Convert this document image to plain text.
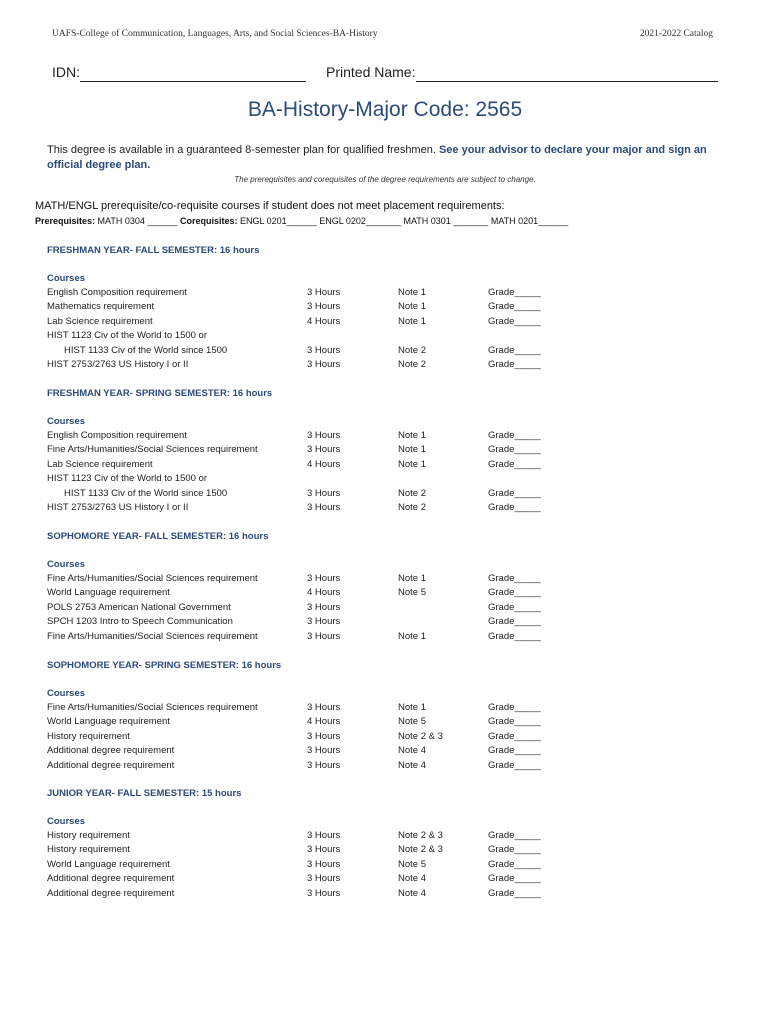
UAFS-College of Communication, Languages, Arts, and Social Sciences-BA-History	2021-2022 Catalog
IDN:	Printed Name:
BA-History-Major Code: 2565
This degree is available in a guaranteed 8-semester plan for qualified freshmen. See your advisor to declare your major and sign an official degree plan.
The prerequisites and corequisites of the degree requirements are subject to change.
MATH/ENGL prerequisite/co-requisite courses if student does not meet placement requirements:
Prerequisites: MATH 0304 ______ Corequisites: ENGL 0201______ ENGL 0202_______ MATH 0301 _______ MATH 0201______
FRESHMAN YEAR- FALL SEMESTER: 16 hours
Courses
English Composition requirement	3 Hours	Note 1	Grade_____
Mathematics requirement	3 Hours	Note 1	Grade_____
Lab Science requirement	4 Hours	Note 1	Grade_____
HIST 1123 Civ of the World to 1500 or
HIST 1133 Civ of the World since 1500	3 Hours	Note 2	Grade_____
HIST 2753/2763 US History I or II	3 Hours	Note 2	Grade_____
FRESHMAN YEAR- SPRING SEMESTER: 16 hours
Courses
English Composition requirement	3 Hours	Note 1	Grade_____
Fine Arts/Humanities/Social Sciences requirement	3 Hours	Note 1	Grade_____
Lab Science requirement	4 Hours	Note 1	Grade_____
HIST 1123 Civ of the World to 1500 or
HIST 1133 Civ of the World since 1500	3 Hours	Note 2	Grade_____
HIST 2753/2763 US History I or II	3 Hours	Note 2	Grade_____
SOPHOMORE YEAR- FALL SEMESTER: 16 hours
Courses
Fine Arts/Humanities/Social Sciences requirement	3 Hours	Note 1	Grade_____
World Language requirement	4 Hours	Note 5	Grade_____
POLS 2753 American National Government	3 Hours	Grade_____
SPCH 1203 Intro to Speech Communication	3 Hours	Grade_____
Fine Arts/Humanities/Social Sciences requirement	3 Hours	Note 1	Grade_____
SOPHOMORE YEAR- SPRING SEMESTER: 16 hours
Courses
Fine Arts/Humanities/Social Sciences requirement	3 Hours	Note 1	Grade_____
World Language requirement	4 Hours	Note 5	Grade_____
History requirement	3 Hours	Note 2 & 3	Grade_____
Additional degree requirement	3 Hours	Note 4	Grade_____
Additional degree requirement	3 Hours	Note 4	Grade_____
JUNIOR YEAR- FALL SEMESTER: 15 hours
Courses
History requirement	3 Hours	Note 2 & 3	Grade_____
History requirement	3 Hours	Note 2 & 3	Grade_____
World Language requirement	3 Hours	Note 5	Grade_____
Additional degree requirement	3 Hours	Note 4	Grade_____
Additional degree requirement	3 Hours	Note 4	Grade_____
